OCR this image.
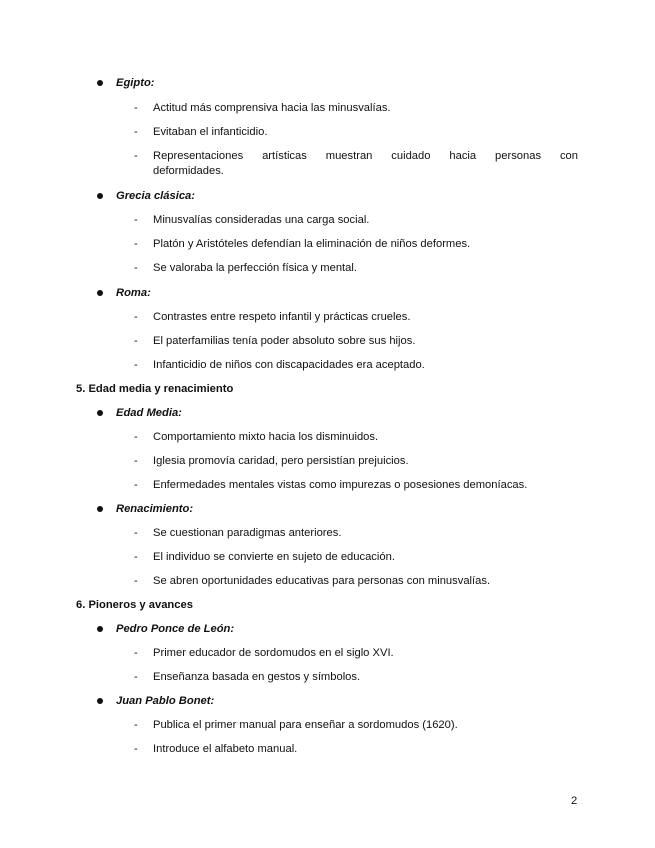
Egipto:
- Actitud más comprensiva hacia las minusvalías.
- Evitaban el infanticidio.
- Representaciones artísticas muestran cuidado hacia personas con
deformidades.
Grecia clásica:
- Minusvalías consideradas una carga social.
- Platón y Aristóteles defendían la eliminación de niños deformes.
- Se valoraba la perfección física y mental.
Roma:
- Contrastes entre respeto infantil y prácticas crueles.
- El paterfamilias tenía poder absoluto sobre sus hijos.
- Infanticidio de niños con discapacidades era aceptado.
5. Edad media y renacimiento
Edad Media:
- Comportamiento mixto hacia los disminuidos.
- Iglesia promovía caridad, pero persistían prejuicios.
- Enfermedades mentales vistas como impurezas o posesiones demoníacas.
Renacimiento:
- Se cuestionan paradigmas anteriores.
- El individuo se convierte en sujeto de educación.
- Se abren oportunidades educativas para personas con minusvalías.
6. Pioneros y avances
Pedro Ponce de León:
- Primer educador de sordomudos en el siglo XVI.
- Enseñanza basada en gestos y símbolos.
Juan Pablo Bonet:
- Publica el primer manual para enseñar a sordomudos (1620).
- Introduce el alfabeto manual.
2
